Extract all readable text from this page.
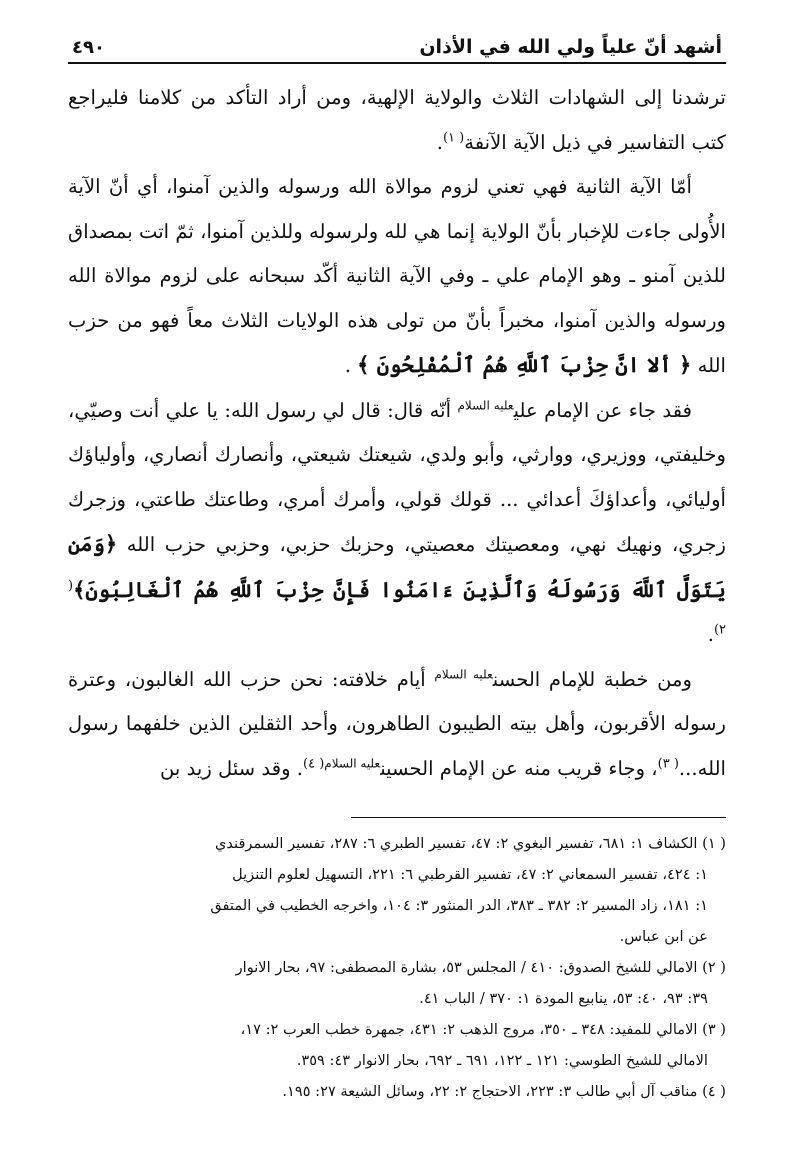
أشهد أنّ علياً ولي الله في الأذان
٤٩٠

ترشدنا إلى الشهادات الثلاث والولاية الإلهية، ومن أراد التأكد من كلامنا فليراجع كتب التفاسير في ذيل الآية الآنفة$^{( ١)}$.

أمّا الآية الثانية فهي تعني لزوم موالاة الله ورسوله والذين آمنوا، أي أنّ الآية الأُولى جاءت للإخبار بأنّ الولاية إنما هي لله ولرسوله وللذين آمنوا، ثمّ اتت بمصداق للذين آمنو ـ وهو الإمام علي ـ وفي الآية الثانية أكّد سبحانه على لزوم موالاة الله ورسوله والذين آمنوا، مخبراً بأنّ من تولى هذه الولايات الثلاث معاً فهو من حزب الله ﴿ ألا انَّ حِزْبَ ٱللَّهِ هُمُ ٱلْمُفْلِحُونَ ﴾ .

فقد جاء عن الإمام علي$^{عليه السلام}$ أنّه قال: قال لي رسول الله: يا علي أنت وصيّي، وخليفتي، ووزيري، ووارثي، وأبو ولدي، شيعتك شيعتي، وأنصارك أنصاري، وأولياؤك أوليائي، وأعداؤكَ أعدائي ... قولك قولي، وأمرك أمري، وطاعتك طاعتي، وزجرك زجري، ونهيك نهي، ومعصيتك معصيتي، وحزبك حزبي، وحزبي حزب الله ﴿وَمَن يَتَوَلَّ ٱللَّهَ وَرَسُولَهُ وَٱلَّذِينَ ءَامَنُوا فَإِنَّ حِزْبَ ٱللَّهِ هُمُ ٱلْغَالِبُونَ﴾$^{( ٢)}$.

ومن خطبة للإمام الحسن$^{عليه السلام}$ أيام خلافته: نحن حزب الله الغالبون، وعترة رسوله الأقربون، وأهل بيته الطيبون الطاهرون، وأحد الثقلين الذين خلفهما رسول الله...$^{( ٣)}$، وجاء قريب منه عن الإمام الحسين$^{عليه السلام( ٤)}$. وقد سئل زيد بن

( ١) الكشاف ١: ٦٨١، تفسير البغوي ٢: ٤٧، تفسير الطبري ٦: ٢٨٧، تفسير السمرقندي
١: ٤٢٤، تفسير السمعاني ٢: ٤٧، تفسير القرطبي ٦: ٢٢١، التسهيل لعلوم التنزيل
١: ١٨١، زاد المسير ٢: ٣٨٢ ـ ٣٨٣، الدر المنثور ٣: ١٠٤، واخرجه الخطيب في المتفق
عن ابن عباس.

( ٢) الامالي للشيخ الصدوق: ٤١٠ / المجلس ٥٣، بشارة المصطفى: ٩٧، بحار الانوار
٣٩: ٩٣، ٤٠: ٥٣، ينابيع المودة ١: ٣٧٠ / الباب ٤١.

( ٣) الامالي للمفيد: ٣٤٨ ـ ٣٥٠، مروج الذهب ٢: ٤٣١، جمهرة خطب العرب ٢: ١٧،
الامالي للشيخ الطوسي: ١٢١ ـ ١٢٢، ٦٩١ ـ ٦٩٢، بحار الانوار ٤٣: ٣٥٩.

( ٤) مناقب آل أبي طالب ٣: ٢٢٣، الاحتجاج ٢: ٢٢، وسائل الشيعة ٢٧: ١٩٥.
